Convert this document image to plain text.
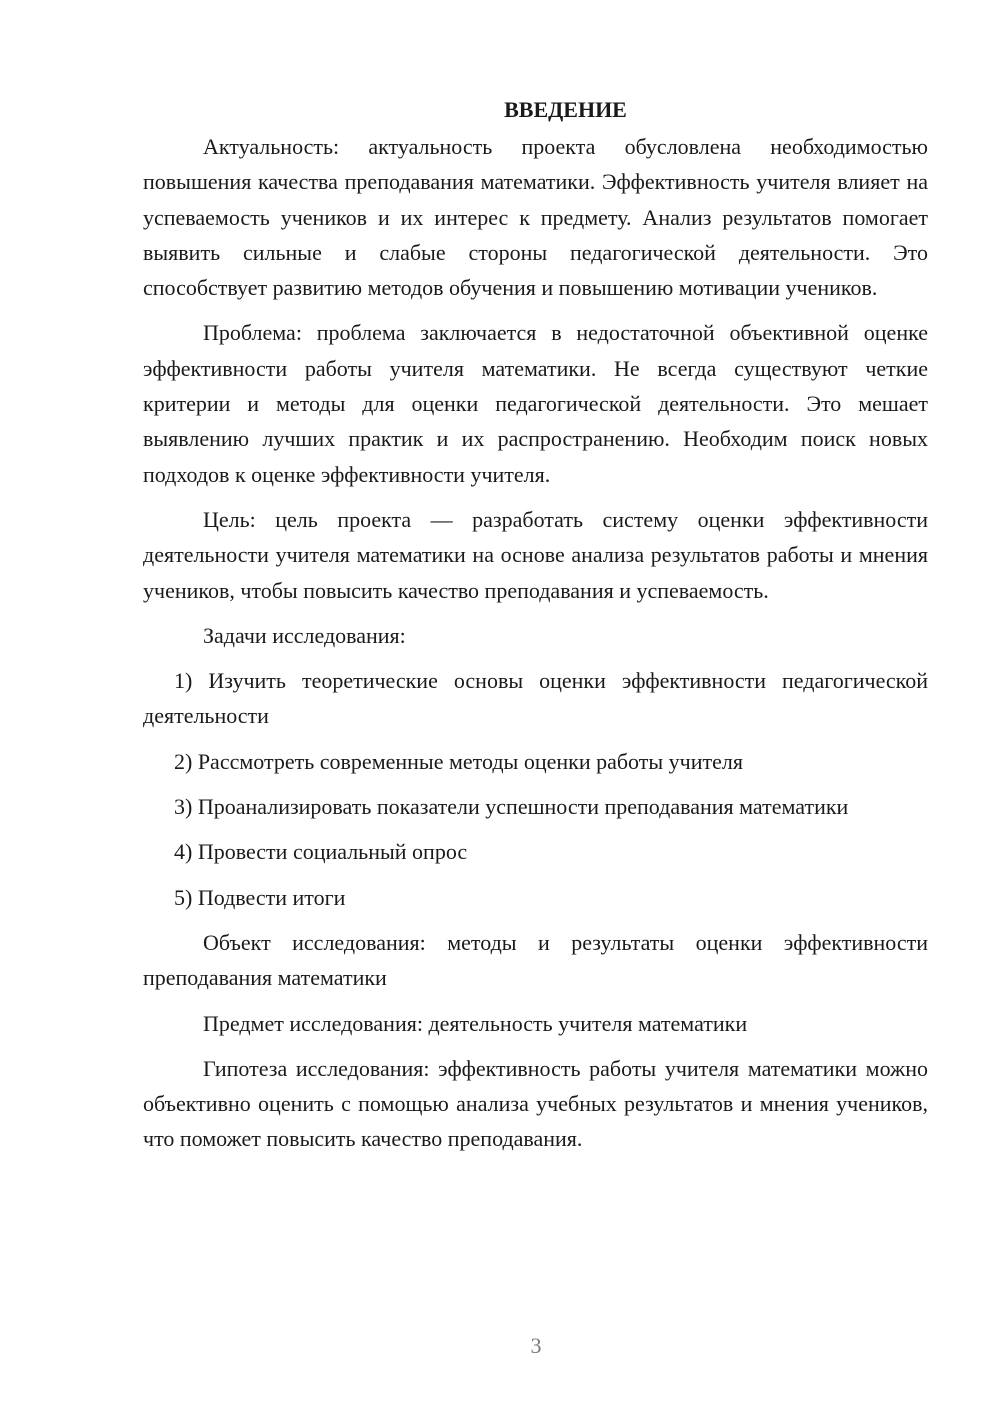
ВВЕДЕНИЕ

Актуальность: актуальность проекта обусловлена необходимостью повышения качества преподавания математики. Эффективность учителя влияет на успеваемость учеников и их интерес к предмету. Анализ результатов помогает выявить сильные и слабые стороны педагогической деятельности. Это способствует развитию методов обучения и повышению мотивации учеников.

Проблема: проблема заключается в недостаточной объективной оценке эффективности работы учителя математики. Не всегда существуют четкие критерии и методы для оценки педагогической деятельности. Это мешает выявлению лучших практик и их распространению. Необходим поиск новых подходов к оценке эффективности учителя.

Цель: цель проекта — разработать систему оценки эффективности деятельности учителя математики на основе анализа результатов работы и мнения учеников, чтобы повысить качество преподавания и успеваемость.

Задачи исследования:

1) Изучить теоретические основы оценки эффективности педагогической деятельности

2) Рассмотреть современные методы оценки работы учителя

3) Проанализировать показатели успешности преподавания математики

4) Провести социальный опрос

5) Подвести итоги

Объект исследования: методы и результаты оценки эффективности преподавания математики

Предмет исследования: деятельность учителя математики

Гипотеза исследования: эффективность работы учителя математики можно объективно оценить с помощью анализа учебных результатов и мнения учеников, что поможет повысить качество преподавания.

3
